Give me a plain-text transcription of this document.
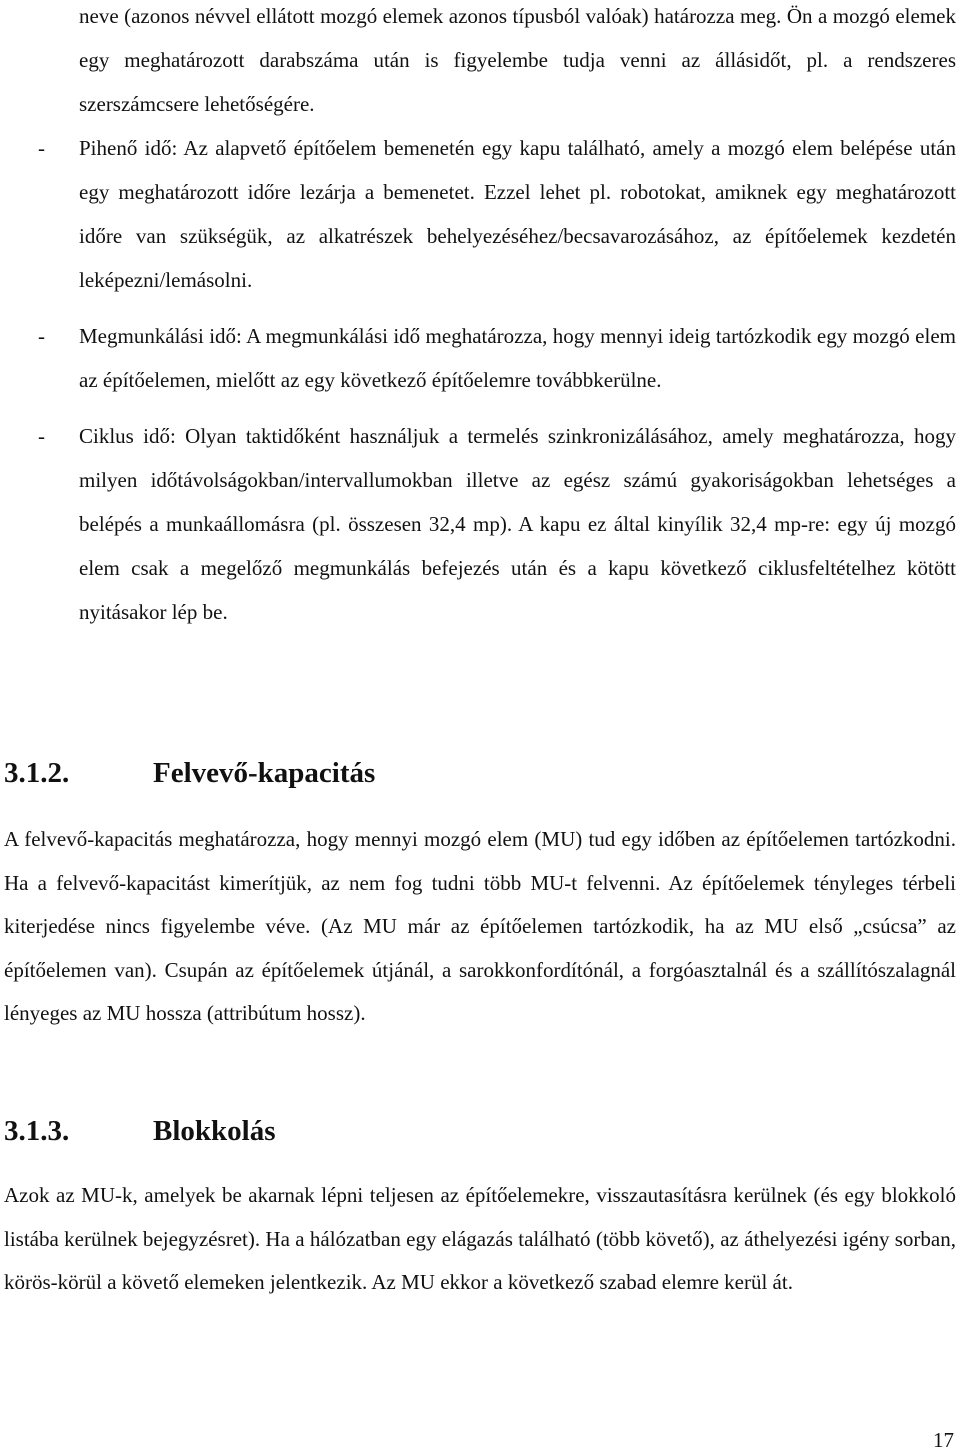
neve (azonos névvel ellátott mozgó elemek azonos típusból valóak) határozza meg. Ön a mozgó elemek egy meghatározott darabszáma után is figyelembe tudja venni az állásidőt, pl. a rendszeres szerszámcsere lehetőségére.

- Pihenő idő: Az alapvető építőelem bemenetén egy kapu található, amely a mozgó elem belépése után egy meghatározott időre lezárja a bemenetet. Ezzel lehet pl. robotokat, amiknek egy meghatározott időre van szükségük, az alkatrészek behelyezéséhez/becsavarozásához, az építőelemek kezdetén leképezni/lemásolni.
- Megmunkálási idő: A megmunkálási idő meghatározza, hogy mennyi ideig tartózkodik egy mozgó elem az építőelemen, mielőtt az egy következő építőelemre továbbkerülne.
- Ciklus idő: Olyan taktidőként használjuk a termelés szinkronizálásához, amely meghatározza, hogy milyen időtávolságokban/intervallumokban illetve az egész számú gyakoriságokban lehetséges a belépés a munkaállomásra (pl. összesen 32,4 mp). A kapu ez által kinyílik 32,4 mp-re: egy új mozgó elem csak a megelőző megmunkálás befejezés után és a kapu következő ciklusfeltételhez kötött nyitásakor lép be.
3.1.2.	Felvevő-kapacitás

A felvevő-kapacitás meghatározza, hogy mennyi mozgó elem (MU) tud egy időben az építőelemen tartózkodni. Ha a felvevő-kapacitást kimerítjük, az nem fog tudni több MU-t felvenni. Az építőelemek tényleges térbeli kiterjedése nincs figyelembe véve. (Az MU már az építőelemen tartózkodik, ha az MU első „csúcsa” az építőelemen van). Csupán az építőelemek útjánál, a sarokkonfordítónál, a forgóasztalnál és a szállítószalagnál lényeges az MU hossza (attribútum hossz).

3.1.3.	Blokkolás

Azok az MU-k, amelyek be akarnak lépni teljesen az építőelemekre, visszautasításra kerülnek (és egy blokkoló listába kerülnek bejegyzésret). Ha a hálózatban egy elágazás található (több követő), az áthelyezési igény sorban, körös-körül a követő elemeken jelentkezik. Az MU ekkor a következő szabad elemre kerül át.

17
